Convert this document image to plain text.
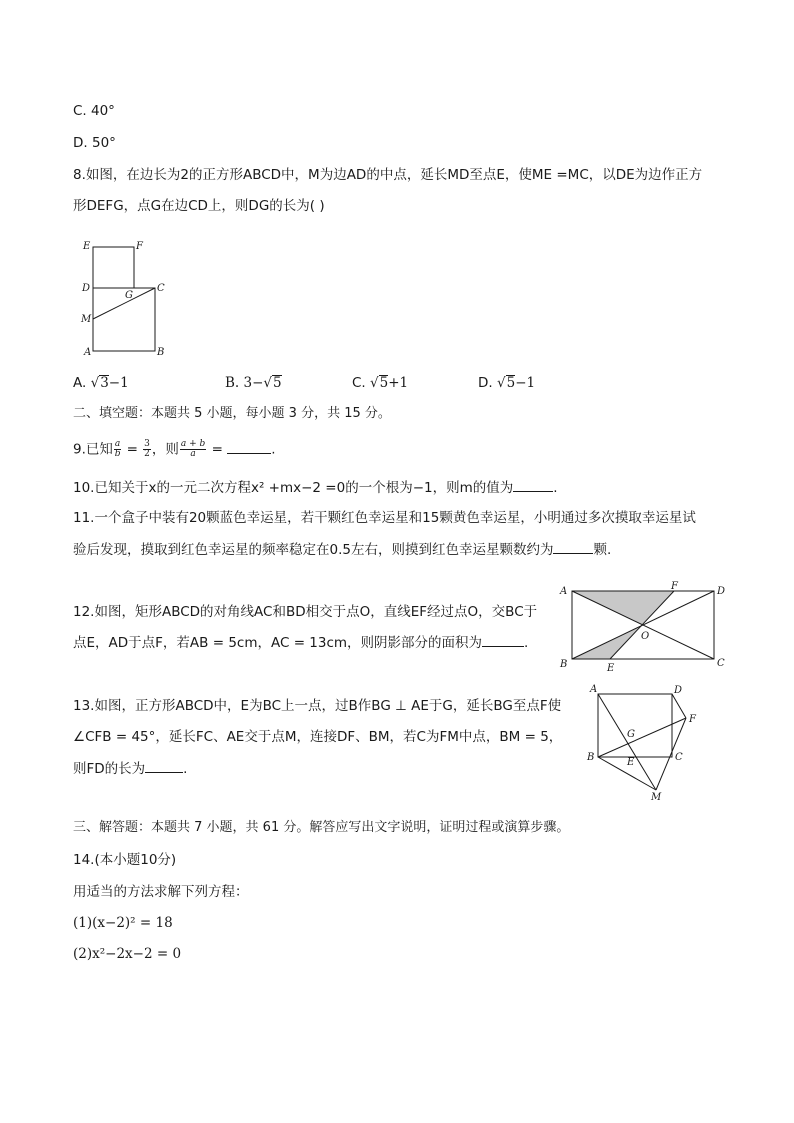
C. 40°
D. 50°
8.如图，在边长为2的正方形ABCD中，M为边AD的中点，延长MD至点E，使ME =MC，以DE为边作正方
形DEFG，点G在边CD上，则DG的长为( )
E	F
D
G
C
M
A	B
A. √3−1	B. 3−√5	C. √5+1	D. √5−1
二、填空题：本题共 5 小题，每小题 3 分，共 15 分。
9.已知 $\frac{a}{b} = \frac{3}{2}$ ，则 $\frac{a + b}{a}$ =	.
10.已知关于x的一元二次方程x² +mx−2 =0的一个根为−1，则m的值为	.
11.一个盒子中装有20颗蓝色幸运星，若干颗红色幸运星和15颗黄色幸运星，小明通过多次摸取幸运星试
验后发现，摸取到红色幸运星的频率稳定在0.5左右，则摸到红色幸运星颗数约为	颗.
12.如图，矩形ABCD的对角线AC和BD相交于点O，直线EF经过点O，交BC于
点E，AD于点F，若AB = 5cm，AC = 13cm，则阴影部分的面积为	.
A	F	D
O
B	E	C
13.如图，正方形ABCD中，E为BC上一点，过B作BG ⊥ AE于G，延长BG至点F使
∠CFB = 45°，延长FC、AE交于点M，连接DF、BM，若C为FM中点，BM = 5，
则FD的长为	.
A	D
F
G
B	E	C
M
三、解答题：本题共 7 小题，共 61 分。解答应写出文字说明，证明过程或演算步骤。
14.(本小题10分)
用适当的方法求解下列方程：
(1)(x−2)² = 18
(2)x²−2x−2 = 0
